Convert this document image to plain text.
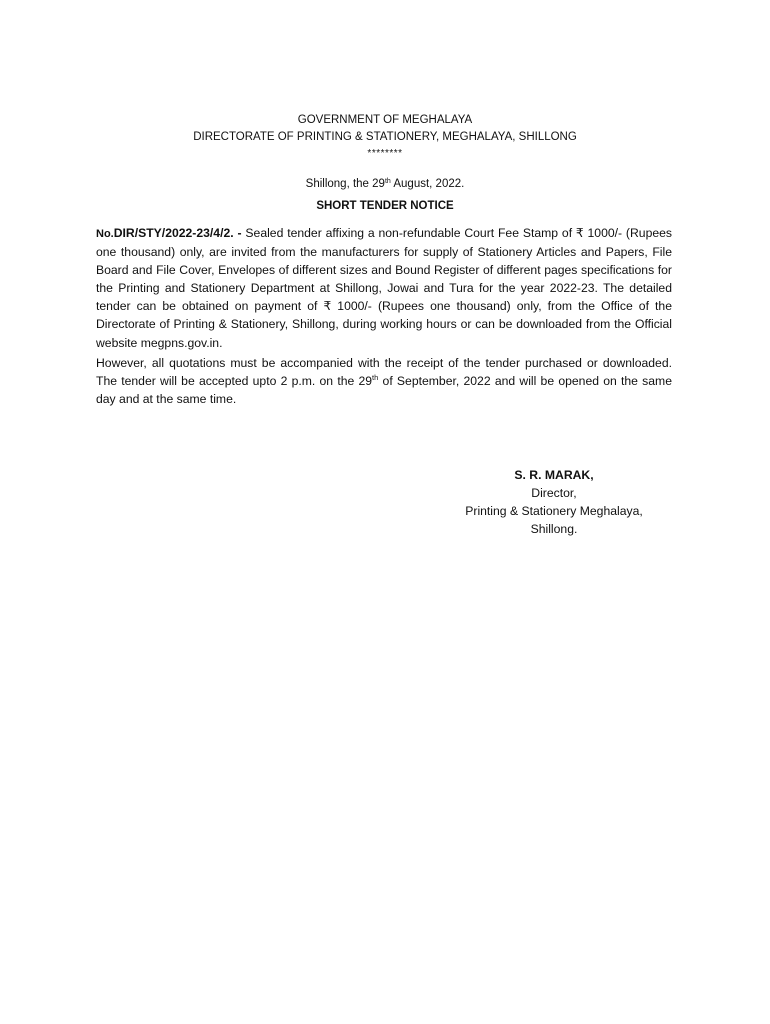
GOVERNMENT OF MEGHALAYA
DIRECTORATE OF PRINTING & STATIONERY, MEGHALAYA, SHILLONG
********
Shillong, the 29th August, 2022.
SHORT TENDER NOTICE
No.DIR/STY/2022-23/4/2. - Sealed tender affixing a non-refundable Court Fee Stamp of ₹ 1000/- (Rupees one thousand) only, are invited from the manufacturers for supply of Stationery Articles and Papers, File Board and File Cover, Envelopes of different sizes and Bound Register of different pages specifications for the Printing and Stationery Department at Shillong, Jowai and Tura for the year 2022-23. The detailed tender can be obtained on payment of ₹ 1000/- (Rupees one thousand) only, from the Office of the Directorate of Printing & Stationery, Shillong, during working hours or can be downloaded from the Official website megpns.gov.in.
However, all quotations must be accompanied with the receipt of the tender purchased or downloaded. The tender will be accepted upto 2 p.m. on the 29th of September, 2022 and will be opened on the same day and at the same time.
S. R. MARAK,
Director,
Printing & Stationery Meghalaya,
Shillong.
